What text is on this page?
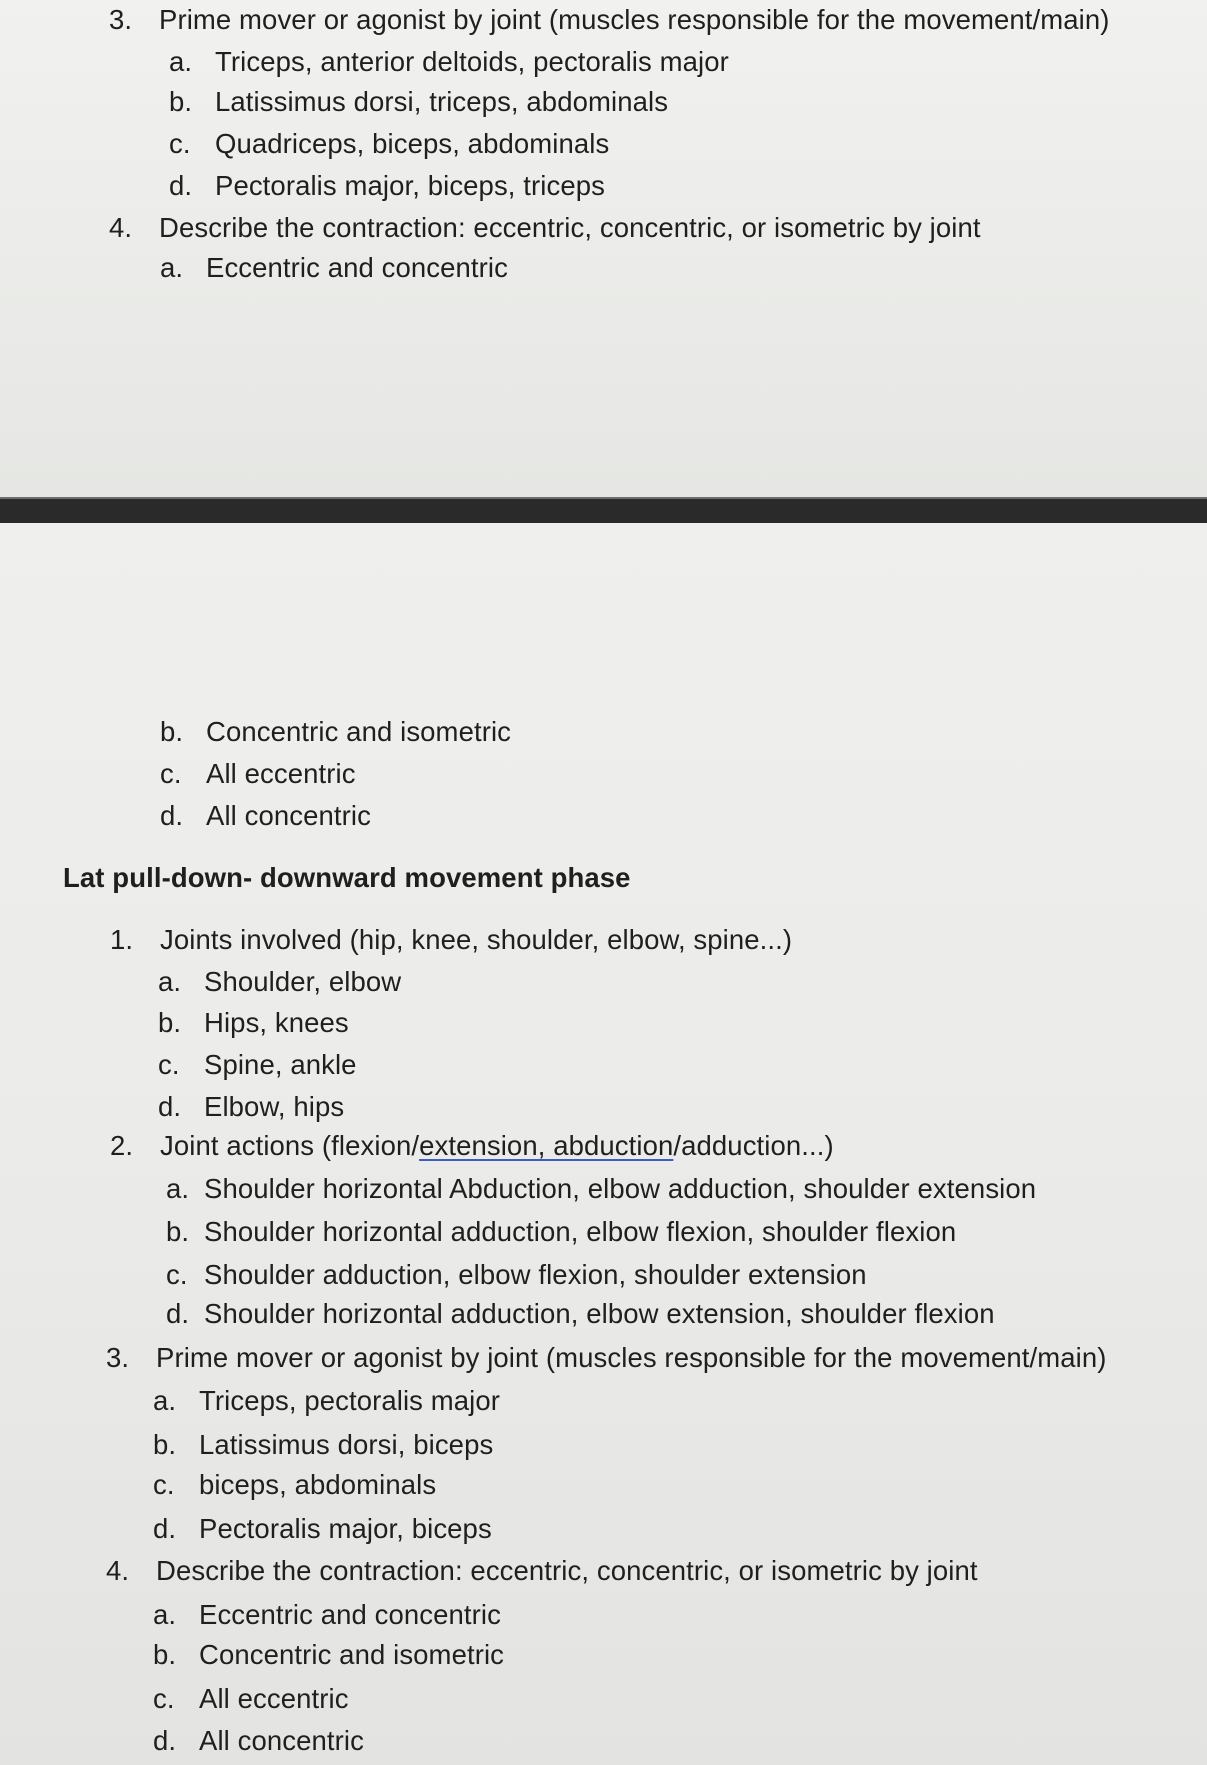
3. Prime mover or agonist by joint (muscles responsible for the movement/main)
a. Triceps, anterior deltoids, pectoralis major
b. Latissimus dorsi, triceps, abdominals
c. Quadriceps, biceps, abdominals
d. Pectoralis major, biceps, triceps
4. Describe the contraction: eccentric, concentric, or isometric by joint
a. Eccentric and concentric
b. Concentric and isometric
c. All eccentric
d. All concentric
Lat pull-down- downward movement phase
1. Joints involved (hip, knee, shoulder, elbow, spine...)
a. Shoulder, elbow
b. Hips, knees
c. Spine, ankle
d. Elbow, hips
2. Joint actions (flexion/extension, abduction/adduction...)
a. Shoulder horizontal Abduction, elbow adduction, shoulder extension
b. Shoulder horizontal adduction, elbow flexion, shoulder flexion
c. Shoulder adduction, elbow flexion, shoulder extension
d. Shoulder horizontal adduction, elbow extension, shoulder flexion
3. Prime mover or agonist by joint (muscles responsible for the movement/main)
a. Triceps, pectoralis major
b. Latissimus dorsi, biceps
c. biceps, abdominals
d. Pectoralis major, biceps
4. Describe the contraction: eccentric, concentric, or isometric by joint
a. Eccentric and concentric
b. Concentric and isometric
c. All eccentric
d. All concentric
